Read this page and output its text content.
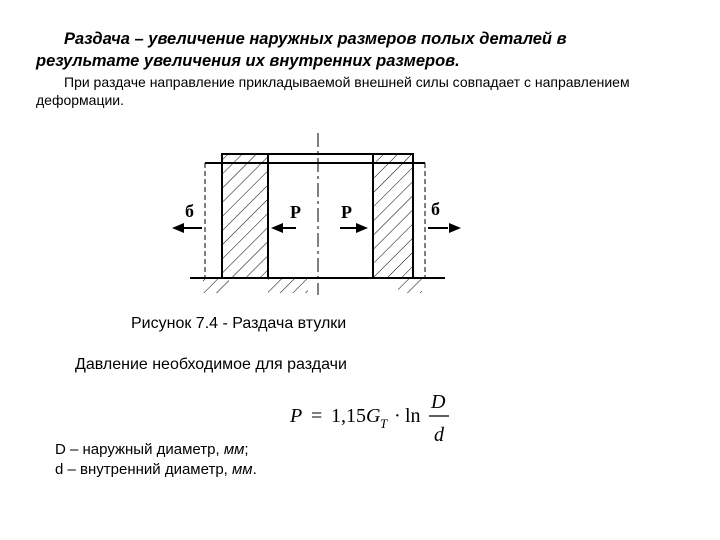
Раздача – увеличение наружных размеров полых деталей в
результате увеличения их внутренних размеров.
При раздаче направление прикладываемой внешней силы совпадает с направлением
деформации.
б	P P	б
P = 1,15 G T · ln
D
d
Рисунок 7.4 - Раздача втулки
Давление необходимое для раздачи
D – наружный диаметр, мм;
d – внутренний диаметр, мм.
